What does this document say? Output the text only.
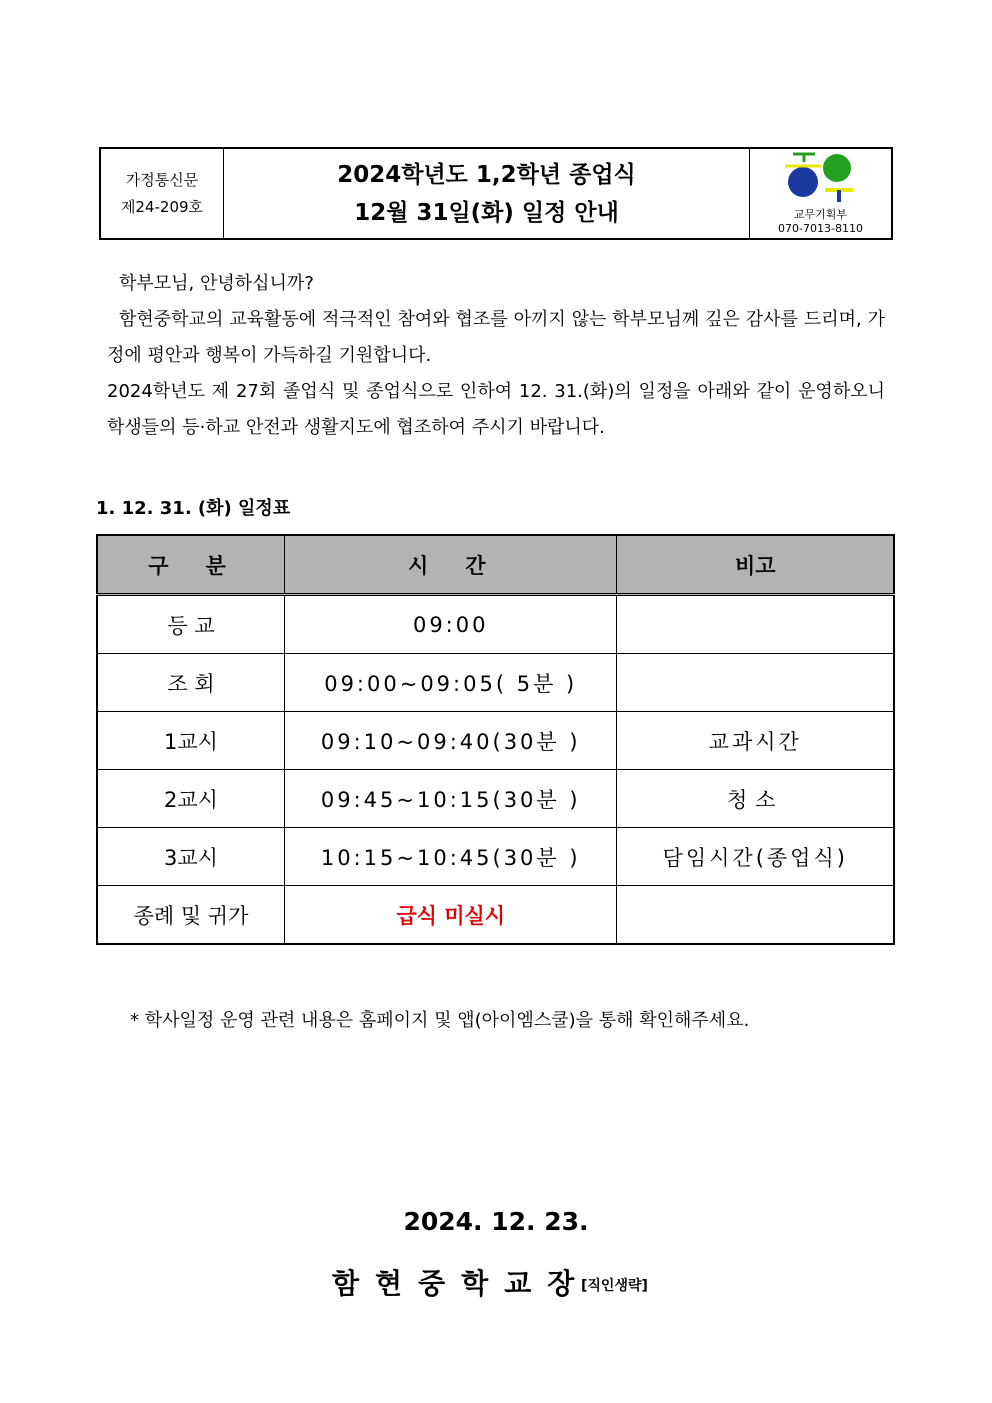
가정통신문
제24-209호
2024학년도 1,2학년 종업식
12월 31일(화) 일정 안내	교무기획부
070-7013-8110

학부모님, 안녕하십니까?

함현중학교의 교육활동에 적극적인 참여와 협조를 아끼지 않는 학부모님께 깊은 감사를 드리며, 가정에 평안과 행복이 가득하길 기원합니다.

2024학년도 제 27회 졸업식 및 종업식으로 인하여 12. 31.(화)의 일정을 아래와 같이 운영하오니 학생들의 등·하교 안전과 생활지도에 협조하여 주시기 바랍니다.

1. 12. 31. (화) 일정표
구　분	시　간	비고
등 교	09:00	
조 회	09:00~09:05( 5분 )	
1교시	09:10~09:40(30분 )	교과시간
2교시	09:45~10:15(30분 )	청소
3교시	10:15~10:45(30분 )	담임시간(종업식)
종례 및 귀가	급식 미실시	
* 학사일정 운영 관련 내용은 홈페이지 및 앱(아이엠스쿨)을 통해 확인해주세요.
2024. 12. 23.
함현중학교장
[직인생략]
